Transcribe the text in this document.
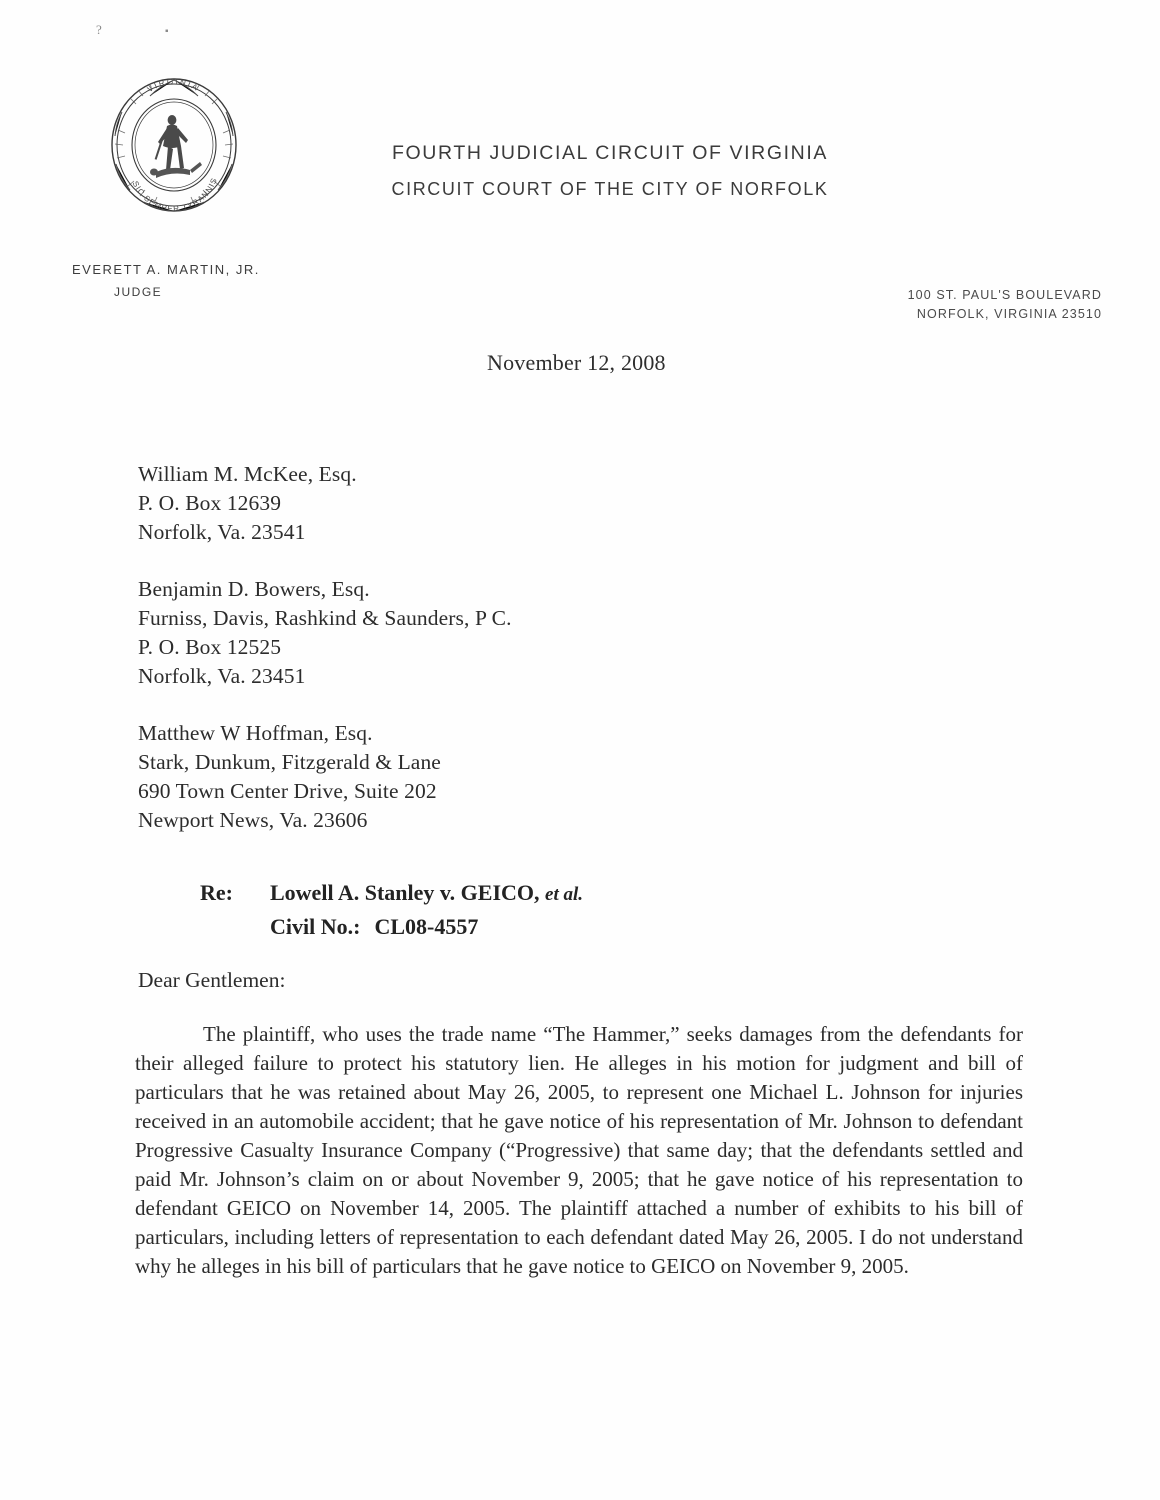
?	▪
SIC SEMPER TYRANNIS
VIRGINIA
FOURTH JUDICIAL CIRCUIT OF VIRGINIA
CIRCUIT COURT OF THE CITY OF NORFOLK
EVERETT A. MARTIN, JR.
JUDGE	100 ST. PAUL'S BOULEVARD
NORFOLK, VIRGINIA 23510
November 12, 2008
William M. McKee, Esq.
P. O. Box 12639
Norfolk, Va. 23541
Benjamin D. Bowers, Esq.
Furniss, Davis, Rashkind & Saunders, P C.
P. O. Box 12525
Norfolk, Va. 23451
Matthew W Hoffman, Esq.
Stark, Dunkum, Fitzgerald & Lane
690 Town Center Drive, Suite 202
Newport News, Va. 23606
Re:	Lowell A. Stanley v. GEICO, et al.
Civil No.: CL08-4557
Dear Gentlemen:

The plaintiff, who uses the trade name “The Hammer,” seeks damages from the defendants for their alleged failure to protect his statutory lien. He alleges in his motion for judgment and bill of particulars that he was retained about May 26, 2005, to represent one Michael L. Johnson for injuries received in an automobile accident; that he gave notice of his representation of Mr. Johnson to defendant Progressive Casualty Insurance Company (“Progressive) that same day; that the defendants settled and paid Mr. Johnson’s claim on or about November 9, 2005; that he gave notice of his representation to defendant GEICO on November 14, 2005. The plaintiff attached a number of exhibits to his bill of particulars, including letters of representation to each defendant dated May 26, 2005. I do not understand why he alleges in his bill of particulars that he gave notice to GEICO on November 9, 2005.
